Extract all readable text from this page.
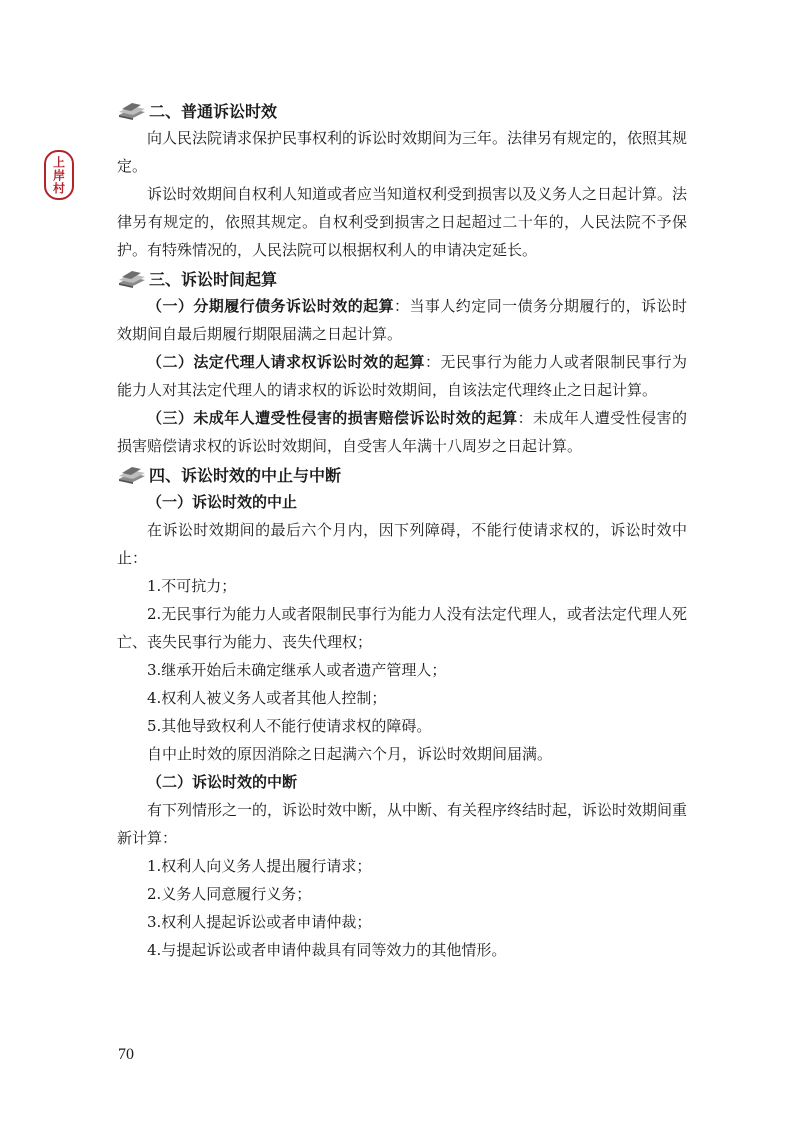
上岸村
二、普通诉讼时效

向人民法院请求保护民事权利的诉讼时效期间为三年。法律另有规定的，依照其规定。

诉讼时效期间自权利人知道或者应当知道权利受到损害以及义务人之日起计算。法律另有规定的，依照其规定。自权利受到损害之日起超过二十年的，人民法院不予保护。有特殊情况的，人民法院可以根据权利人的申请决定延长。

三、诉讼时间起算

（一）分期履行债务诉讼时效的起算：当事人约定同一债务分期履行的，诉讼时效期间自最后期履行期限届满之日起计算。

（二）法定代理人请求权诉讼时效的起算：无民事行为能力人或者限制民事行为能力人对其法定代理人的请求权的诉讼时效期间，自该法定代理终止之日起计算。

（三）未成年人遭受性侵害的损害赔偿诉讼时效的起算：未成年人遭受性侵害的损害赔偿请求权的诉讼时效期间，自受害人年满十八周岁之日起计算。

四、诉讼时效的中止与中断

（一）诉讼时效的中止

在诉讼时效期间的最后六个月内，因下列障碍，不能行使请求权的，诉讼时效中止：

1.不可抗力；

2.无民事行为能力人或者限制民事行为能力人没有法定代理人，或者法定代理人死亡、丧失民事行为能力、丧失代理权；

3.继承开始后未确定继承人或者遗产管理人；

4.权利人被义务人或者其他人控制；

5.其他导致权利人不能行使请求权的障碍。

自中止时效的原因消除之日起满六个月，诉讼时效期间届满。

（二）诉讼时效的中断

有下列情形之一的，诉讼时效中断，从中断、有关程序终结时起，诉讼时效期间重新计算：

1.权利人向义务人提出履行请求；

2.义务人同意履行义务；

3.权利人提起诉讼或者申请仲裁；

4.与提起诉讼或者申请仲裁具有同等效力的其他情形。

70
